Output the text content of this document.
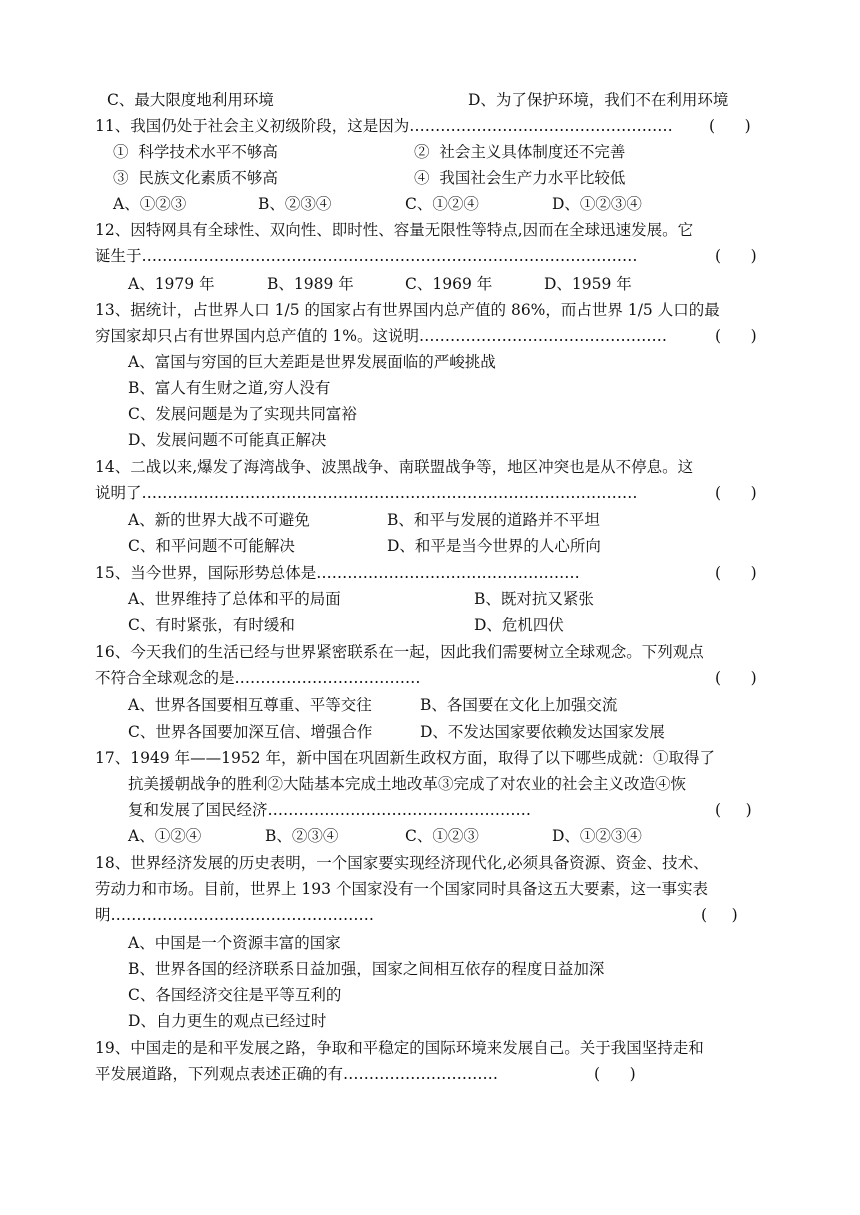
C、最大限度地利用环境	D、为了保护环境，我们不在利用环境
11、我国仍处于社会主义初级阶段，这是因为……………………………………………
①  科学技术水平不够高	②  社会主义具体制度还不完善
③  民族文化素质不够高	④  我国社会生产力水平比较低
A、①②③	B、②③④	C、①②④	D、①②③④
12、因特网具有全球性、双向性、即时性、容量无限性等特点,因而在全球迅速发展。它
诞生于……………………………………………………………………………………
A、1979 年	B、1989 年	C、1969 年	D、1959 年
13、据统计，占世界人口 1/5 的国家占有世界国内总产值的 86%，而占世界 1/5 人口的最
穷国家却只占有世界国内总产值的 1%。这说明…………………………………………
A、富国与穷国的巨大差距是世界发展面临的严峻挑战
B、富人有生财之道,穷人没有
C、发展问题是为了实现共同富裕
D、发展问题不可能真正解决
14、二战以来,爆发了海湾战争、波黑战争、南联盟战争等，地区冲突也是从不停息。这
说明了……………………………………………………………………………………
A、新的世界大战不可避免	B、和平与发展的道路并不平坦
C、和平问题不可能解决	D、和平是当今世界的人心所向
15、当今世界，国际形势总体是……………………………………………
A、世界维持了总体和平的局面	B、既对抗又紧张
C、有时紧张，有时缓和	D、危机四伏
16、今天我们的生活已经与世界紧密联系在一起，因此我们需要树立全球观念。下列观点
不符合全球观念的是………………………………
A、世界各国要相互尊重、平等交往	B、各国要在文化上加强交流
C、世界各国要加深互信、增强合作	D、不发达国家要依赖发达国家发展
17、1949 年——1952 年，新中国在巩固新生政权方面，取得了以下哪些成就：①取得了
抗美援朝战争的胜利②大陆基本完成土地改革③完成了对农业的社会主义改造④恢
复和发展了国民经济……………………………………………
A、①②④	B、②③④	C、①②③	D、①②③④
18、世界经济发展的历史表明，一个国家要实现经济现代化,必须具备资源、资金、技术、
劳动力和市场。目前，世界上 193 个国家没有一个国家同时具备这五大要素，这一事实表
明……………………………………………
A、中国是一个资源丰富的国家
B、世界各国的经济联系日益加强，国家之间相互依存的程度日益加深
C、各国经济交往是平等互利的
D、自力更生的观点已经过时
19、中国走的是和平发展之路，争取和平稳定的国际环境来发展自己。关于我国坚持走和
平发展道路，下列观点表述正确的有…………………………
(      )
(      )
(      )
(      )
(      )
(      )
(     )
(     )
(      )
